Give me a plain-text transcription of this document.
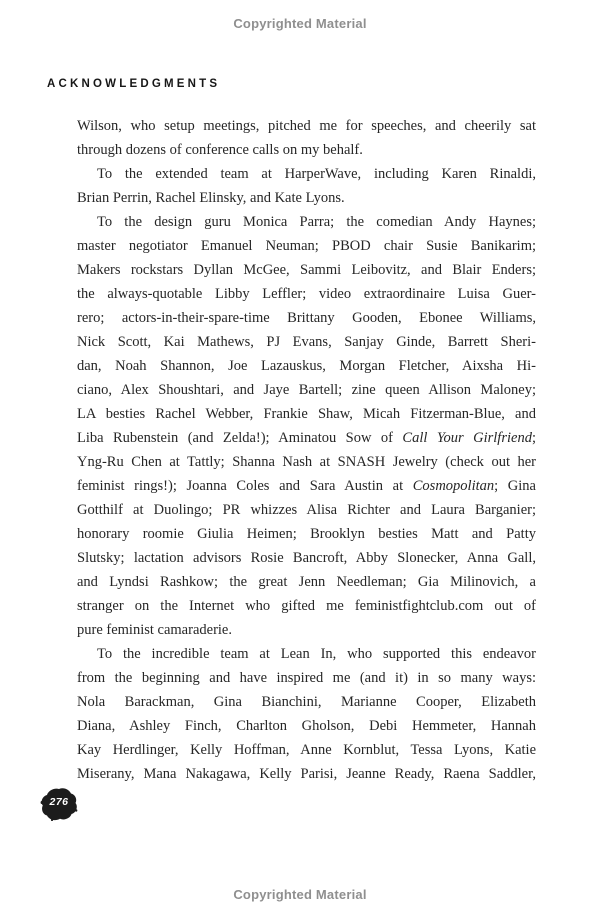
Copyrighted Material
ACKNOWLEDGMENTS
Wilson, who setup meetings, pitched me for speeches, and cheerily sat
through dozens of conference calls on my behalf.
To the extended team at HarperWave, including Karen Rinaldi,
Brian Perrin, Rachel Elinsky, and Kate Lyons.
To the design guru Monica Parra; the comedian Andy Haynes;
master negotiator Emanuel Neuman; PBOD chair Susie Banikarim;
Makers rockstars Dyllan McGee, Sammi Leibovitz, and Blair Enders;
the always-quotable Libby Leffler; video extraordinaire Luisa Guer-
rero; actors-in-their-spare-time Brittany Gooden, Ebonee Williams,
Nick Scott, Kai Mathews, PJ Evans, Sanjay Ginde, Barrett Sheri-
dan, Noah Shannon, Joe Lazauskus, Morgan Fletcher, Aixsha Hi-
ciano, Alex Shoushtari, and Jaye Bartell; zine queen Allison Maloney;
LA besties Rachel Webber, Frankie Shaw, Micah Fitzerman-Blue, and
Liba Rubenstein (and Zelda!); Aminatou Sow of Call Your Girlfriend;
Yng-Ru Chen at Tattly; Shanna Nash at SNASH Jewelry (check out her
feminist rings!); Joanna Coles and Sara Austin at Cosmopolitan; Gina
Gotthilf at Duolingo; PR whizzes Alisa Richter and Laura Barganier;
honorary roomie Giulia Heimen; Brooklyn besties Matt and Patty
Slutsky; lactation advisors Rosie Bancroft, Abby Slonecker, Anna Gall,
and Lyndsi Rashkow; the great Jenn Needleman; Gia Milinovich, a
stranger on the Internet who gifted me feministfightclub.com out of
pure feminist camaraderie.
To the incredible team at Lean In, who supported this endeavor
from the beginning and have inspired me (and it) in so many ways:
Nola Barackman, Gina Bianchini, Marianne Cooper, Elizabeth
Diana, Ashley Finch, Charlton Gholson, Debi Hemmeter, Hannah
Kay Herdlinger, Kelly Hoffman, Anne Kornblut, Tessa Lyons, Katie
Miserany, Mana Nakagawa, Kelly Parisi, Jeanne Ready, Raena Saddler,
276
Copyrighted Material
